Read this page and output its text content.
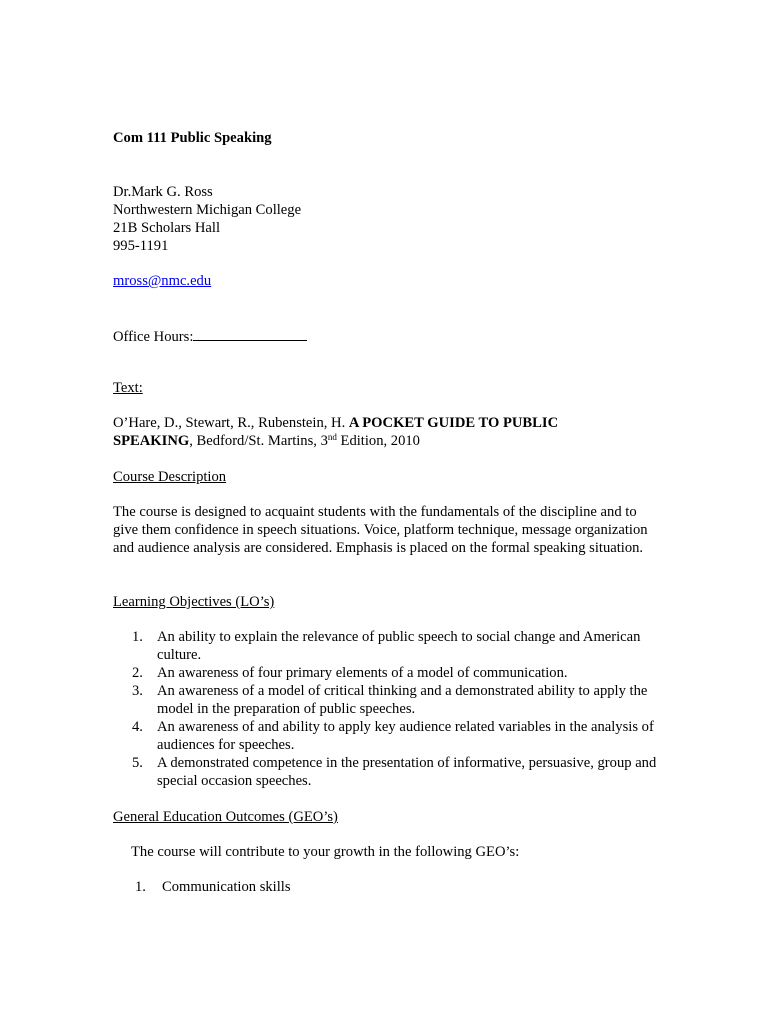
Com 111 Public Speaking

Dr.Mark G. Ross
Northwestern Michigan College
21B Scholars Hall
995-1191
mross@nmc.edu
Office Hours:

Text:

O’Hare, D., Stewart, R., Rubenstein, H. A POCKET GUIDE TO PUBLIC SPEAKING, Bedford/St. Martins, 3nd Edition, 2010

Course Description

The course is designed to acquaint students with the fundamentals of the discipline and to give them confidence in speech situations. Voice, platform technique, message organization and audience analysis are considered. Emphasis is placed on the formal speaking situation.

Learning Objectives (LO’s)

1. An ability to explain the relevance of public speech to social change and American culture.
2. An awareness of four primary elements of a model of communication.
3. An awareness of a model of critical thinking and a demonstrated ability to apply the model in the preparation of public speeches.
4. An awareness of and ability to apply key audience related variables in the analysis of audiences for speeches.
5. A demonstrated competence in the presentation of informative, persuasive, group and special occasion speeches.

General Education Outcomes (GEO’s)

The course will contribute to your growth in the following GEO’s:

1. Communication skills
